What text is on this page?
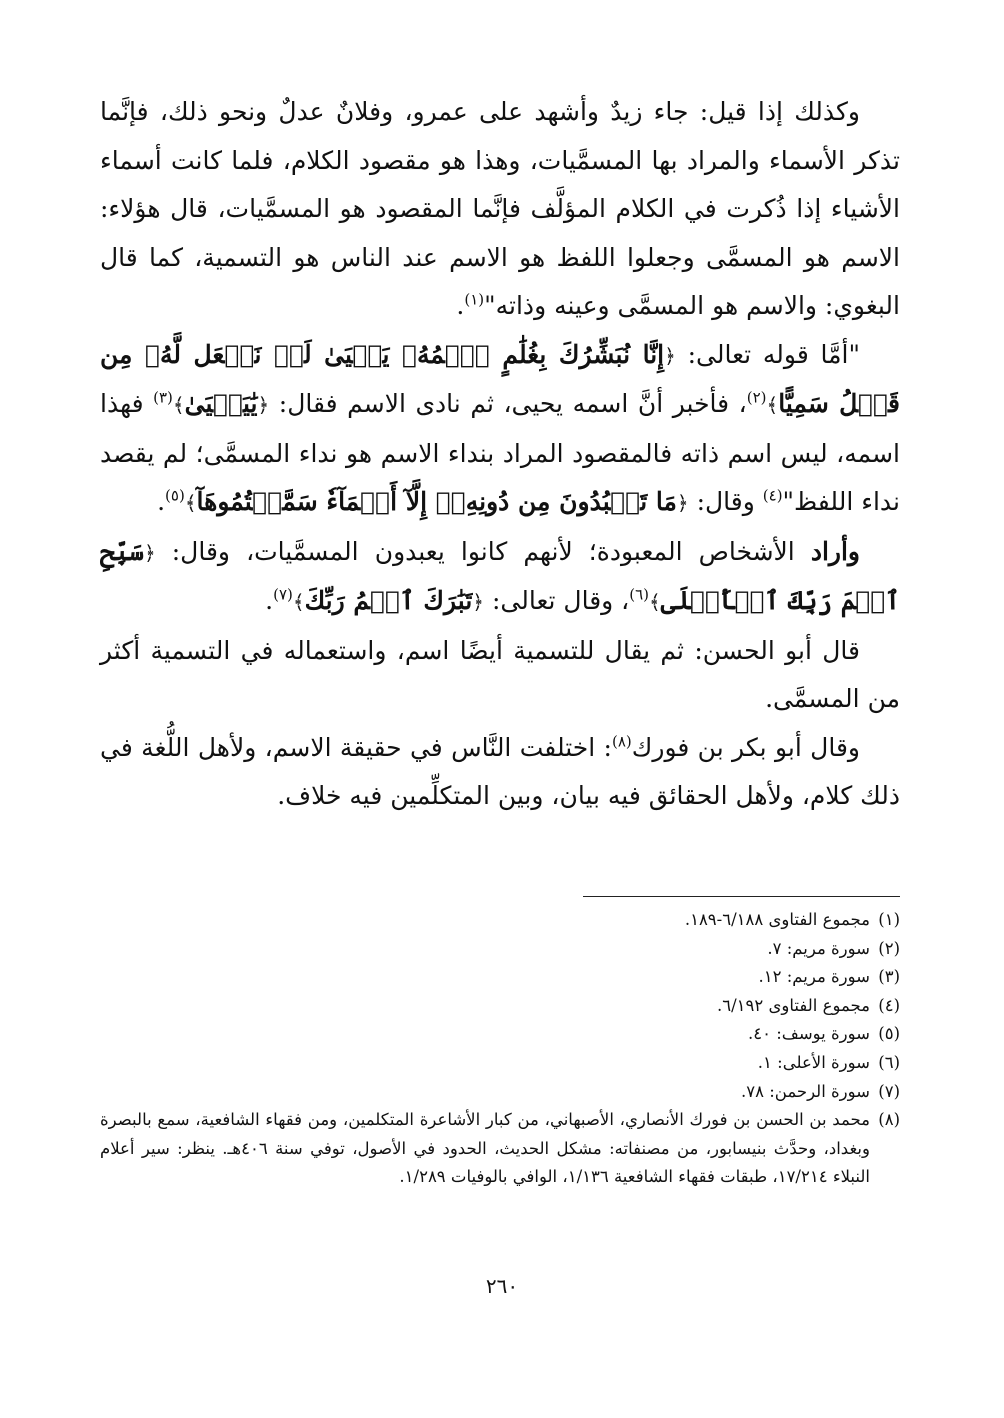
وكذلك إذا قيل: جاء زيدٌ وأشهد على عمرو، وفلانٌ عدلٌ ونحو ذلك، فإنَّما تذكر الأسماء والمراد بها المسمَّيات، وهذا هو مقصود الكلام، فلما كانت أسماء الأشياء إذا ذُكرت في الكلام المؤلَّف فإنَّما المقصود هو المسمَّيات، قال هؤلاء: الاسم هو المسمَّى وجعلوا اللفظ هو الاسم عند الناس هو التسمية، كما قال البغوي: والاسم هو المسمَّى وعينه وذاته"$^{(١)}$.

"أمَّا قوله تعالى: ﴿إِنَّا نُبَشِّرُكَ بِغُلَٰمٍ ٱسۡمُهُۥ يَحۡيَىٰ لَمۡ نَجۡعَل لَّهُۥ مِن قَبۡلُ سَمِيًّا﴾$^{(٢)}$، فأخبر أنَّ اسمه يحيى، ثم نادى الاسم فقال: ﴿يَٰيَحۡيَىٰ﴾$^{(٣)}$ فهذا اسمه، ليس اسم ذاته فالمقصود المراد بنداء الاسم هو نداء المسمَّى؛ لم يقصد نداء اللفظ"$^{(٤)}$ وقال: ﴿مَا تَعۡبُدُونَ مِن دُونِهِۦٓ إِلَّآ أَسۡمَآءٗ سَمَّيۡتُمُوهَآ﴾$^{(٥)}$.

وأراد الأشخاص المعبودة؛ لأنهم كانوا يعبدون المسمَّيات، وقال: ﴿سَبِّحِ ٱسۡمَ رَبِّكَ ٱلۡأَعۡلَى﴾$^{(٦)}$، وقال تعالى: ﴿تَبَٰرَكَ ٱسۡمُ رَبِّكَ﴾$^{(٧)}$.

قال أبو الحسن: ثم يقال للتسمية أيضًا اسم، واستعماله في التسمية أكثر من المسمَّى.

وقال أبو بكر بن فورك$^{(٨)}$: اختلفت النَّاس في حقيقة الاسم، ولأهل اللُّغة في ذلك كلام، ولأهل الحقائق فيه بيان، وبين المتكلِّمين فيه خلاف.

(١)مجموع الفتاوى ٦/١٨٨-١٨٩.

(٢)سورة مريم: ٧.

(٣)سورة مريم: ١٢.

(٤)مجموع الفتاوى ٦/١٩٢.

(٥)سورة يوسف: ٤٠.

(٦)سورة الأعلى: ١.

(٧)سورة الرحمن: ٧٨.

(٨)محمد بن الحسن بن فورك الأنصاري، الأصبهاني، من كبار الأشاعرة المتكلمين، ومن فقهاء الشافعية، سمع بالبصرة وبغداد، وحدَّث بنيسابور، من مصنفاته: مشكل الحديث، الحدود في الأصول، توفي سنة ٤٠٦هـ. ينظر: سير أعلام النبلاء ١٧/٢١٤، طبقات فقهاء الشافعية ١/١٣٦، الوافي بالوفيات ١/٢٨٩.

٢٦٠
